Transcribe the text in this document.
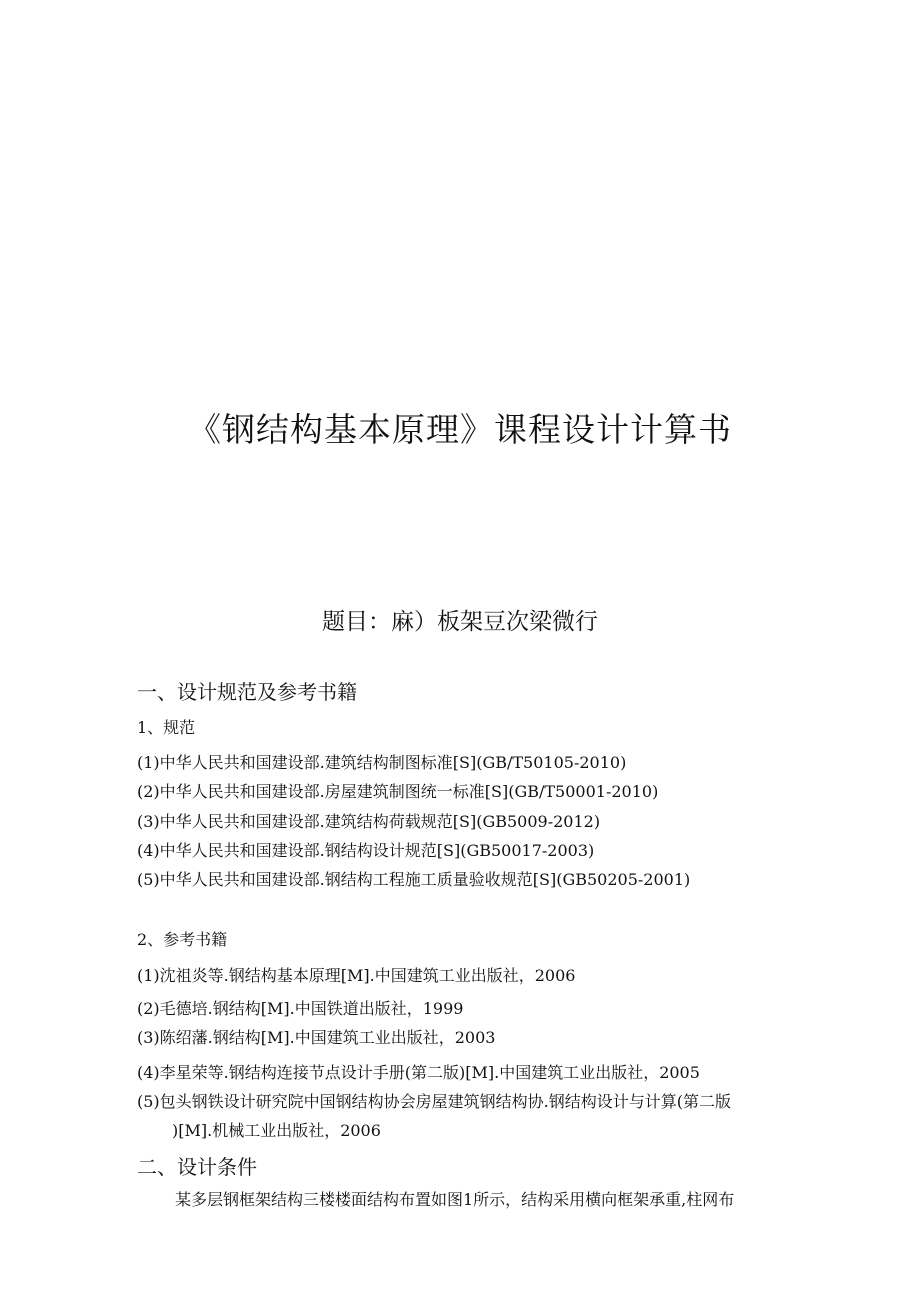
《钢结构基本原理》课程设计计算书
题目：麻）板架豆次梁微行
一、设计规范及参考书籍
1、规范
(1)中华人民共和国建设部.建筑结构制图标准[S](GB/T50105-2010)
(2)中华人民共和国建设部.房屋建筑制图统一标准[S](GB/T50001-2010)
(3)中华人民共和国建设部.建筑结构荷载规范[S](GB5009-2012)
(4)中华人民共和国建设部.钢结构设计规范[S](GB50017-2003)
(5)中华人民共和国建设部.钢结构工程施工质量验收规范[S](GB50205-2001)
2、参考书籍
(1)沈祖炎等.钢结构基本原理[M].中国建筑工业出版社，2006
(2)毛德培.钢结构[M].中国铁道出版社，1999
(3)陈绍藩.钢结构[M].中国建筑工业出版社，2003
(4)李星荣等.钢结构连接节点设计手册(第二版)[M].中国建筑工业出版社，2005
(5)包头钢铁设计研究院中国钢结构协会房屋建筑钢结构协.钢结构设计与计算(第二版
)[M].机械工业出版社，2006
二、设计条件
某多层钢框架结构三楼楼面结构布置如图1所示，结构采用横向框架承重,柱网布
